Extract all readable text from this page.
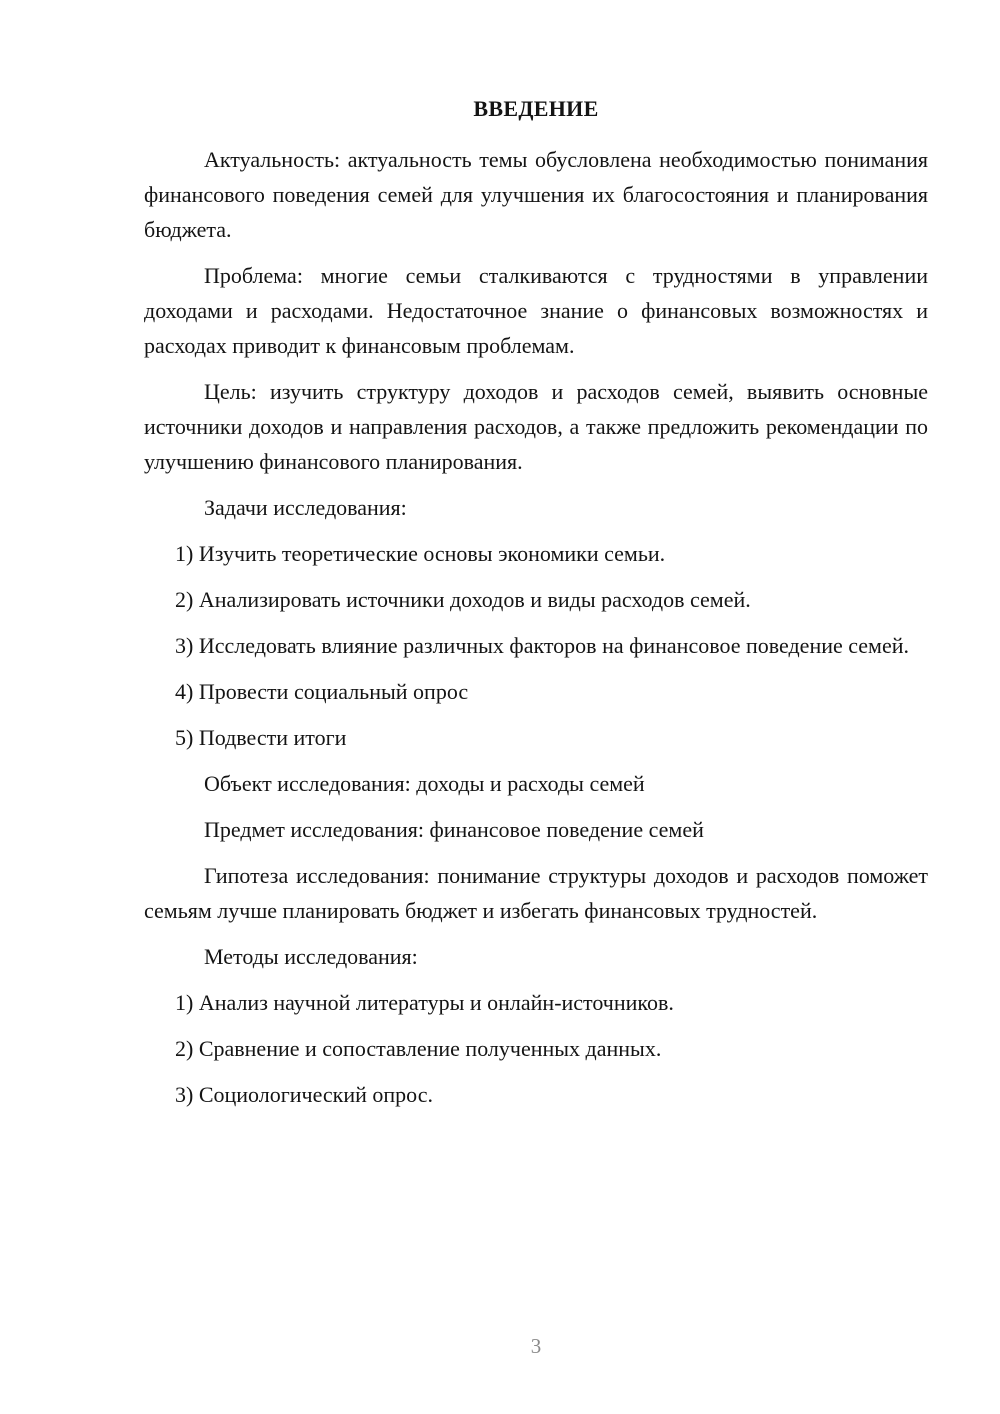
ВВЕДЕНИЕ

Актуальность: актуальность темы обусловлена необходимостью понимания финансового поведения семей для улучшения их благосостояния и планирования бюджета.

Проблема: многие семьи сталкиваются с трудностями в управлении доходами и расходами. Недостаточное знание о финансовых возможностях и расходах приводит к финансовым проблемам.

Цель: изучить структуру доходов и расходов семей, выявить основные источники доходов и направления расходов, а также предложить рекомендации по улучшению финансового планирования.

Задачи исследования:

1) Изучить теоретические основы экономики семьи.

2) Анализировать источники доходов и виды расходов семей.

3) Исследовать влияние различных факторов на финансовое поведение семей.

4) Провести социальный опрос

5) Подвести итоги

Объект исследования: доходы и расходы семей

Предмет исследования: финансовое поведение семей

Гипотеза исследования: понимание структуры доходов и расходов поможет семьям лучше планировать бюджет и избегать финансовых трудностей.

Методы исследования:

1) Анализ научной литературы и онлайн-источников.

2) Сравнение и сопоставление полученных данных.

3) Социологический опрос.

3
